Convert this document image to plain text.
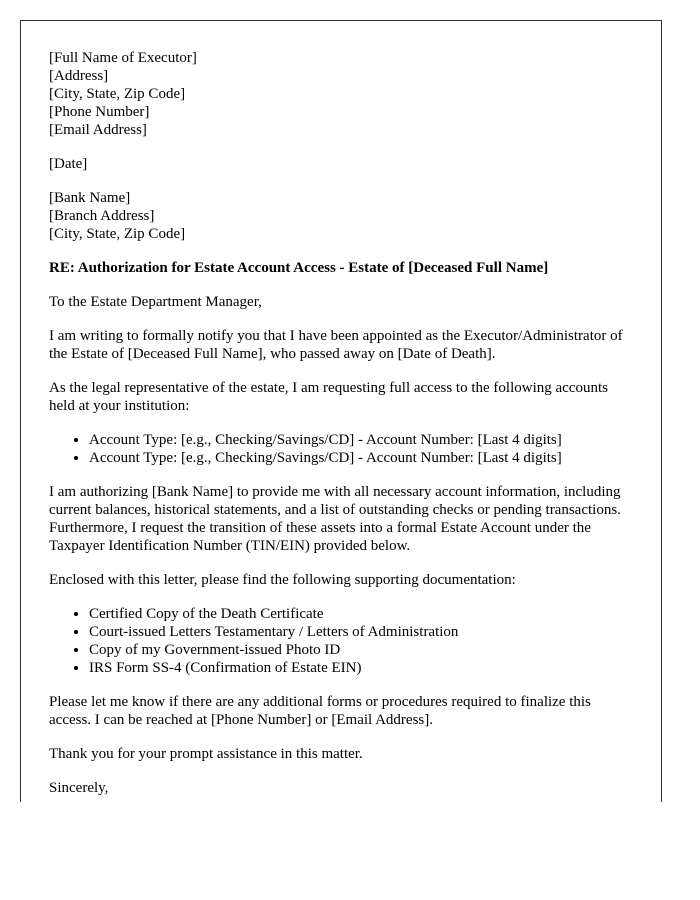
[Full Name of Executor]
[Address]
[City, State, Zip Code]
[Phone Number]
[Email Address]

[Date]

[Bank Name]
[Branch Address]
[City, State, Zip Code]

RE: Authorization for Estate Account Access - Estate of [Deceased Full Name]

To the Estate Department Manager,

I am writing to formally notify you that I have been appointed as the Executor/Administrator of the Estate of [Deceased Full Name], who passed away on [Date of Death].

As the legal representative of the estate, I am requesting full access to the following accounts held at your institution:

• Account Type: [e.g., Checking/Savings/CD] - Account Number: [Last 4 digits]
• Account Type: [e.g., Checking/Savings/CD] - Account Number: [Last 4 digits]

I am authorizing [Bank Name] to provide me with all necessary account information, including current balances, historical statements, and a list of outstanding checks or pending transactions. Furthermore, I request the transition of these assets into a formal Estate Account under the Taxpayer Identification Number (TIN/EIN) provided below.

Enclosed with this letter, please find the following supporting documentation:

• Certified Copy of the Death Certificate
• Court-issued Letters Testamentary / Letters of Administration
• Copy of my Government-issued Photo ID
• IRS Form SS-4 (Confirmation of Estate EIN)

Please let me know if there are any additional forms or procedures required to finalize this access. I can be reached at [Phone Number] or [Email Address].

Thank you for your prompt assistance in this matter.

Sincerely,
